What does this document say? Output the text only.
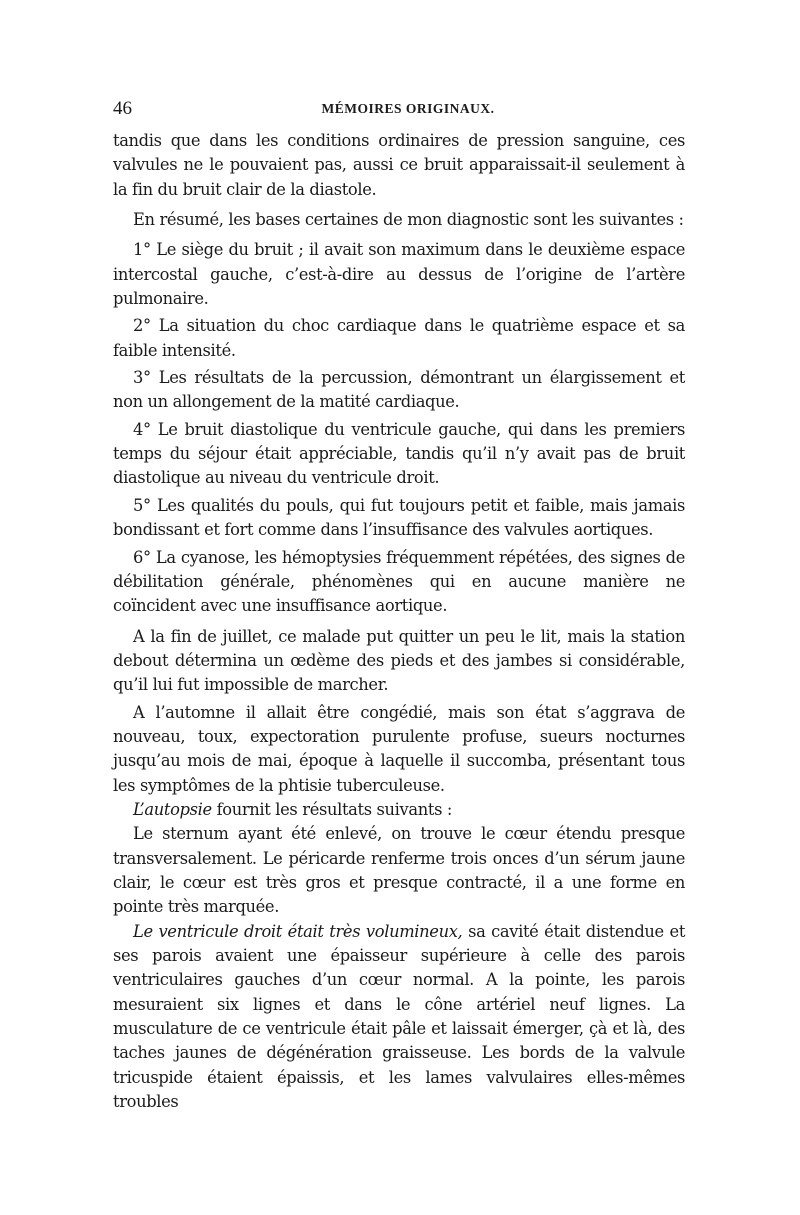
46	MÉMOIRES ORIGINAUX.

tandis que dans les conditions ordinaires de pression sanguine, ces valvules ne le pouvaient pas, aussi ce bruit apparaissait-il seulement à la fin du bruit clair de la diastole.

En résumé, les bases certaines de mon diagnostic sont les suivantes :

1° Le siège du bruit ; il avait son maximum dans le deuxième espace intercostal gauche, c’est-à-dire au dessus de l’origine de l’artère pulmonaire.

2° La situation du choc cardiaque dans le quatrième espace et sa faible intensité.

3° Les résultats de la percussion, démontrant un élargissement et non un allongement de la matité cardiaque.

4° Le bruit diastolique du ventricule gauche, qui dans les premiers temps du séjour était appréciable, tandis qu’il n’y avait pas de bruit diastolique au niveau du ventricule droit.

5° Les qualités du pouls, qui fut toujours petit et faible, mais jamais bondissant et fort comme dans l’insuffisance des valvules aortiques.

6° La cyanose, les hémoptysies fréquemment répétées, des signes de débilitation générale, phénomènes qui en aucune manière ne coïncident avec une insuffisance aortique.

A la fin de juillet, ce malade put quitter un peu le lit, mais la station debout détermina un œdème des pieds et des jambes si considérable, qu’il lui fut impossible de marcher.

A l’automne il allait être congédié, mais son état s’aggrava de nouveau, toux, expectoration purulente profuse, sueurs nocturnes jusqu’au mois de mai, époque à laquelle il succomba, présentant tous les symptômes de la phtisie tuberculeuse.

L’autopsie fournit les résultats suivants :

Le sternum ayant été enlevé, on trouve le cœur étendu presque transversalement. Le péricarde renferme trois onces d’un sérum jaune clair, le cœur est très gros et presque contracté, il a une forme en pointe très marquée.

Le ventricule droit était très volumineux, sa cavité était distendue et ses parois avaient une épaisseur supérieure à celle des parois ventriculaires gauches d’un cœur normal. A la pointe, les parois mesuraient six lignes et dans le cône artériel neuf lignes. La musculature de ce ventricule était pâle et laissait émerger, çà et là, des taches jaunes de dégénération graisseuse. Les bords de la valvule tricuspide étaient épaissis, et les lames valvulaires elles-mêmes troubles
